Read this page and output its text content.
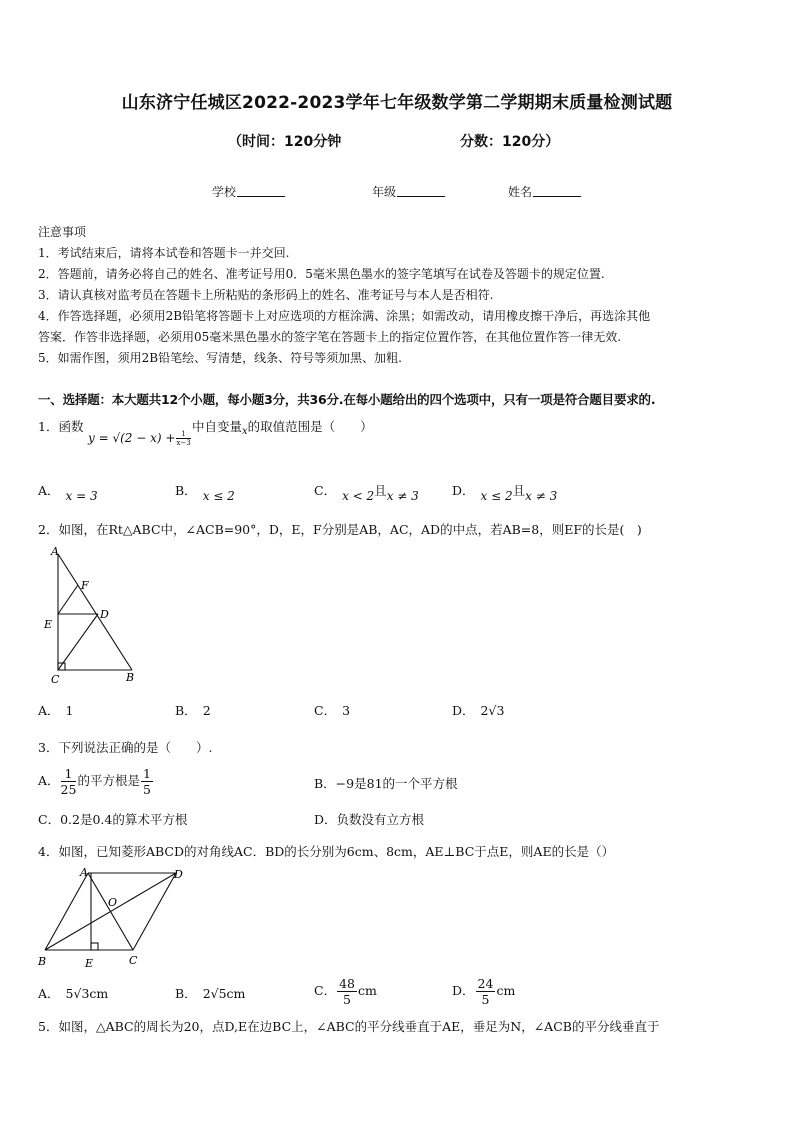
山东济宁任城区2022-2023学年七年级数学第二学期期末质量检测试题
（时间：120分钟	分数：120分）
学校	年级	姓名
注意事项
1．考试结束后，请将本试卷和答题卡一并交回.
2．答题前，请务必将自己的姓名、准考证号用0．5毫米黑色墨水的签字笔填写在试卷及答题卡的规定位置.
3．请认真核对监考员在答题卡上所粘贴的条形码上的姓名、准考证号与本人是否相符.
4．作答选择题，必须用2B铅笔将答题卡上对应选项的方框涂满、涂黑；如需改动，请用橡皮擦干净后，再选涂其他
答案．作答非选择题，必须用05毫米黑色墨水的签字笔在答题卡上的指定位置作答，在其他位置作答一律无效.
5．如需作图，须用2B铅笔绘、写清楚，线条、符号等须加黑、加粗.
一、选择题：本大题共12个小题，每小题3分，共36分.在每小题给出的四个选项中，只有一项是符合题目要求的.
1．函数
$y = √(2 - x) + \frac{1}{x-3}$
中自变量$_x$的取值范围是（　　）
A． x = 3	B． x ≤ 2	C． x < 2且x ≠ 3	D． x ≤ 2且x ≠ 3
2．如图，在Rt△ABC中，∠ACB=90°，D，E，F分别是AB，AC，AD的中点，若AB=8，则EF的长是(　)
A
F
D
E
C	B
A． 1	B． 2	C． 3	D． 2√3
3．下列说法正确的是（　　）.
A． $\frac{1}{25}$ 的平方根是 $\frac{1}{5}$	B．−9是81的一个平方根
C．0.2是0.4的算术平方根	D．负数没有立方根
4．如图，已知菱形ABCD的对角线AC．BD的长分别为6cm、8cm，AE⊥BC于点E，则AE的长是（）
A	D
O
B	E	C
A． 5√3cm	B． 2√5cm	C． $\frac{48}{5}$ cm	D． $\frac{24}{5}$ cm
5．如图，△ABC的周长为20，点D,E在边BC上，∠ABC的平分线垂直于AE，垂足为N，∠ACB的平分线垂直于
